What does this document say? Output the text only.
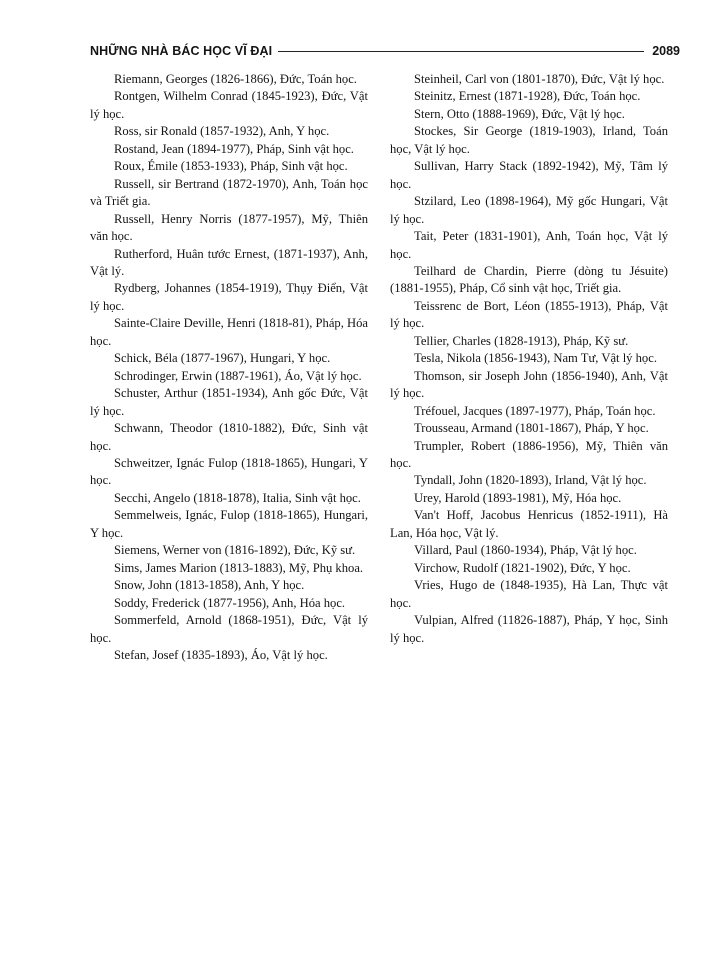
NHỮNG NHÀ BÁC HỌC VĨ ĐẠI	2089

Riemann, Georges (1826-1866), Đức, Toán học.

Rontgen, Wilhelm Conrad (1845-1923), Đức, Vật lý học.

Ross, sir Ronald (1857-1932), Anh, Y học.

Rostand, Jean (1894-1977), Pháp, Sinh vật học.

Roux, Émile (1853-1933), Pháp, Sinh vật học.

Russell, sir Bertrand (1872-1970), Anh, Toán học và Triết gia.

Russell, Henry Norris (1877-1957), Mỹ, Thiên văn học.

Rutherford, Huân tước Ernest, (1871-1937), Anh, Vật lý.

Rydberg, Johannes (1854-1919), Thụy Điển, Vật lý học.

Sainte-Claire Deville, Henri (1818-81), Pháp, Hóa học.

Schick, Béla (1877-1967), Hungari, Y học.

Schrodinger, Erwin (1887-1961), Áo, Vật lý học.

Schuster, Arthur (1851-1934), Anh gốc Đức, Vật lý học.

Schwann, Theodor (1810-1882), Đức, Sinh vật học.

Schweitzer, Ignác Fulop (1818-1865), Hungari, Y học.

Secchi, Angelo (1818-1878), Italia, Sinh vật học.

Semmelweis, Ignác, Fulop (1818-1865), Hungari, Y học.

Siemens, Werner von (1816-1892), Đức, Kỹ sư.

Sims, James Marion (1813-1883), Mỹ, Phụ khoa.

Snow, John (1813-1858), Anh, Y học.

Soddy, Frederick (1877-1956), Anh, Hóa học.

Sommerfeld, Arnold (1868-1951), Đức, Vật lý học.

Stefan, Josef (1835-1893), Áo, Vật lý học.

Steinheil, Carl von (1801-1870), Đức, Vật lý học.

Steinitz, Ernest (1871-1928), Đức, Toán học.

Stern, Otto (1888-1969), Đức, Vật lý học.

Stockes, Sir George (1819-1903), Irland, Toán học, Vật lý học.

Sullivan, Harry Stack (1892-1942), Mỹ, Tâm lý học.

Stzilard, Leo (1898-1964), Mỹ gốc Hungari, Vật lý học.

Tait, Peter (1831-1901), Anh, Toán học, Vật lý học.

Teilhard de Chardin, Pierre (dòng tu Jésuite) (1881-1955), Pháp, Cổ sinh vật học, Triết gia.

Teissrenc de Bort, Léon (1855-1913), Pháp, Vật lý học.

Tellier, Charles (1828-1913), Pháp, Kỹ sư.

Tesla, Nikola (1856-1943), Nam Tư, Vật lý học.

Thomson, sir Joseph John (1856-1940), Anh, Vật lý học.

Tréfouel, Jacques (1897-1977), Pháp, Toán học.

Trousseau, Armand (1801-1867), Pháp, Y học.

Trumpler, Robert (1886-1956), Mỹ, Thiên văn học.

Tyndall, John (1820-1893), Irland, Vật lý học.

Urey, Harold (1893-1981), Mỹ, Hóa học.

Van't Hoff, Jacobus Henricus (1852-1911), Hà Lan, Hóa học, Vật lý.

Villard, Paul (1860-1934), Pháp, Vật lý học.

Virchow, Rudolf (1821-1902), Đức, Y học.

Vries, Hugo de (1848-1935), Hà Lan, Thực vật học.

Vulpian, Alfred (11826-1887), Pháp, Y học, Sinh lý học.
